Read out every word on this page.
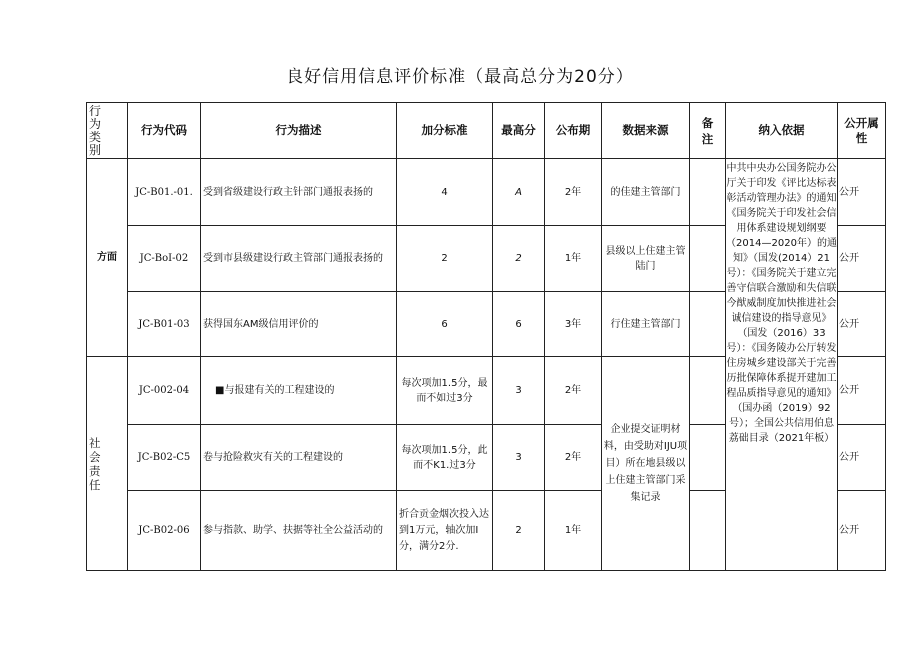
良好信用信息评价标准（最高总分为20分）
行为类别	行为代码	行为描述	加分标准	最高分	公布期	数据来源	备注	纳入依据	公开属性

方面	JC-B01.-01.	受到省级建设行政主针部门通报表扬的	4	A	2年	的佳建主管部门		中共中央办公国务院办公厅关于印发《评比达标表彰活动管理办法》的通知《国务院关于印发社会信用体系建设规划纲要（2014—2020年）的通知》（国发(2014）21号）：《国务院关于建立完善守信联合激励和失信联今猷威制度加快推进社会诚信建设的指导意见》（国发（2016）33号）：《国务陵办公厅转发住房城乡建设部关于完善历批保障体系捉开建加工程品质指导意见的通知》（国办函（2019）92号）；全国公共信用伯息荔础目录（2021年板）	公开
	JC-BoI-02	受到市县级建设行政主管部门通报表扬的	2	2	1年	县级以上住建主管陆门			公开
	JC-B01-03	获得国东AM级信用评价的	6	6	3年	行住建主管部门			公开

社会责任	JC-002-04	■与报建有关的工程建设的	每次项加1.5分，最而不如过3分	3	2年	企业提交证明材料，由受助对IJU项目）所在地县级以上住建主管部门采集记录			公开
	JC-B02-C5	卷与抢险救灾有关的工程建设的	每次项加1.5分，此而不K1.过3分	3	2年				公开
	JC-B02-06	参与指款、助学、扶据等社全公益活动的	折合贡金烟次投入达到1万元，轴次加I分，满分2分.	2	1年				公开
